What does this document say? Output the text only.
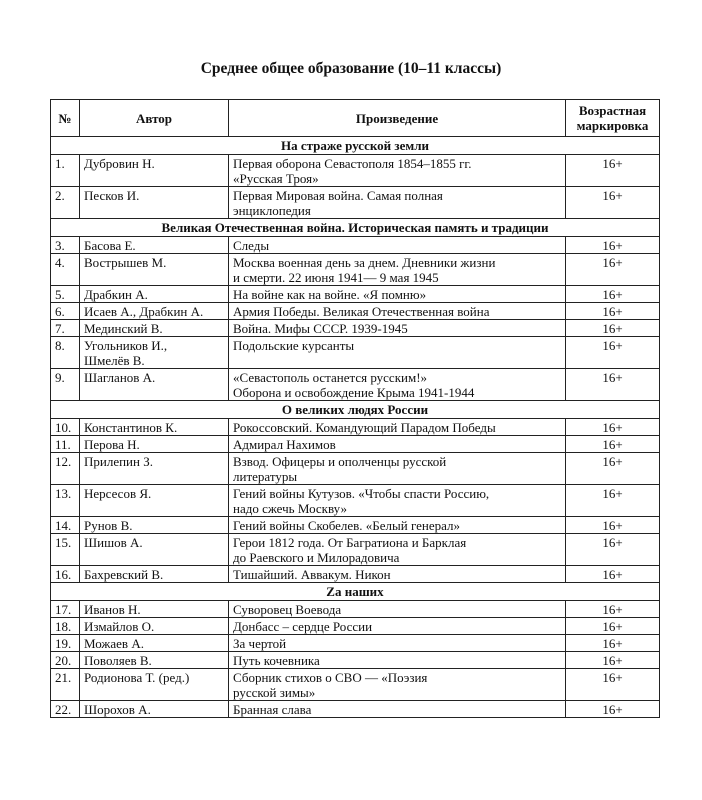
Среднее общее образование (10–11 классы)
№	Автор	Произведение	Возрастная
маркировка

На страже русской земли			
1.	Дубровин Н.	Первая оборона Севастополя 1854–1855 гг.
«Русская Троя»	16+
2.	Песков И.	Первая Мировая война. Самая полная
энциклопедия	16+
Великая Отечественная война. Историческая память и традиции			
3.	Басова Е.	Следы	16+
4.	Вострышев М.	Москва военная день за днем. Дневники жизни
и смерти. 22 июня 1941— 9 мая 1945	16+
5.	Драбкин А.	На войне как на войне. «Я помню»	16+
6.	Исаев А., Драбкин А.	Армия Победы. Великая Отечественная война	16+
7.	Мединский В.	Война. Мифы СССР. 1939-1945	16+
8.	Угольников И.,
Шмелёв В.	Подольские курсанты	16+
9.	Шагланов А.	«Севастополь останется русским!»
Оборона и освобождение Крыма 1941-1944	16+
О великих людях России			
10.	Константинов К.	Рокоссовский. Командующий Парадом Победы	16+
11.	Перова Н.	Адмирал Нахимов	16+
12.	Прилепин З.	Взвод. Офицеры и ополченцы русской
литературы	16+
13.	Нерсесов Я.	Гений войны Кутузов. «Чтобы спасти Россию,
надо сжечь Москву»	16+
14.	Рунов В.	Гений войны Скобелев. «Белый генерал»	16+
15.	Шишов А.	Герои 1812 года. От Багратиона и Барклая
до Раевского и Милорадовича	16+
16.	Бахревский В.	Тишайший. Аввакум. Никон	16+
Zа наших			
17.	Иванов Н.	Суворовец Воевода	16+
18.	Измайлов О.	Донбасс – сердце России	16+
19.	Можаев А.	За чертой	16+
20.	Поволяев В.	Путь кочевника	16+
21.	Родионова Т. (ред.)	Сборник стихов о СВО — «Поэзия
русской зимы»	16+
22.	Шорохов А.	Бранная слава	16+
